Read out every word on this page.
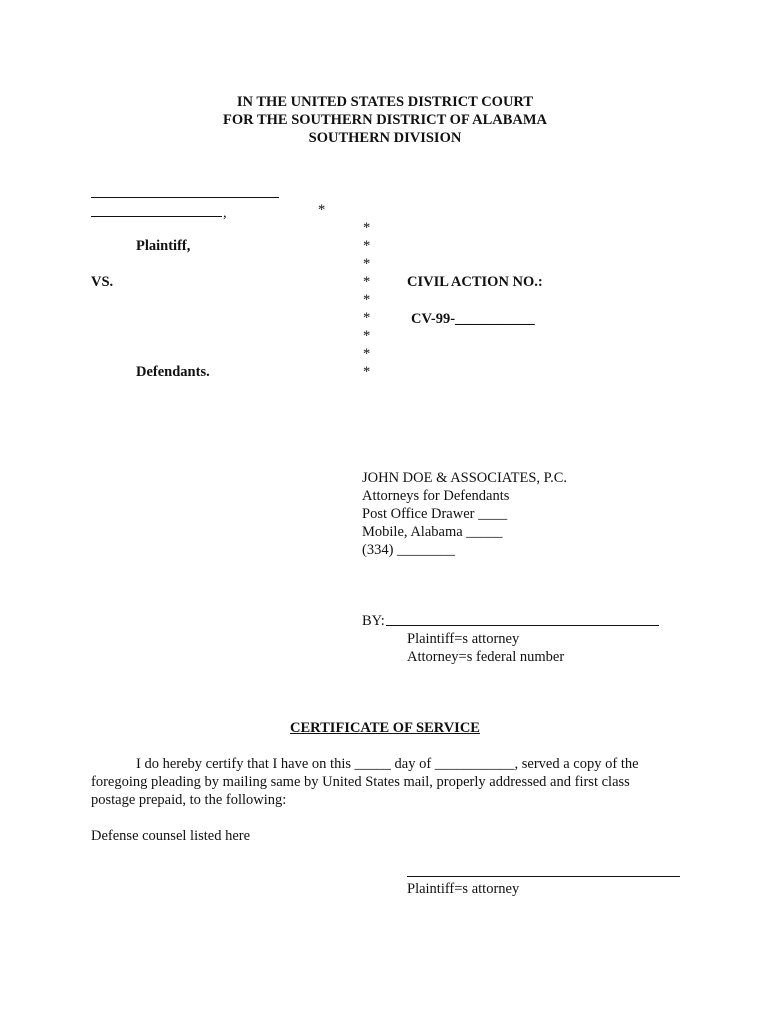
IN THE UNITED STATES DISTRICT COURT
FOR THE SOUTHERN DISTRICT OF ALABAMA
SOUTHERN DIVISION
,
Plaintiff,
VS.
Defendants.
*
*
*
*
*
*
*
*
*
*
CIVIL ACTION NO.:
CV-99-___________
JOHN DOE & ASSOCIATES, P.C.
Attorneys for Defendants
Post Office Drawer ____
Mobile, Alabama _____
(334) ________
BY:
Plaintiff=s attorney
Attorney=s federal number
CERTIFICATE OF SERVICE
I do hereby certify that I have on this _____ day of ___________, served a copy of the
foregoing pleading by mailing same by United States mail, properly addressed and first class
postage prepaid, to the following:
Defense counsel listed here
Plaintiff=s attorney
